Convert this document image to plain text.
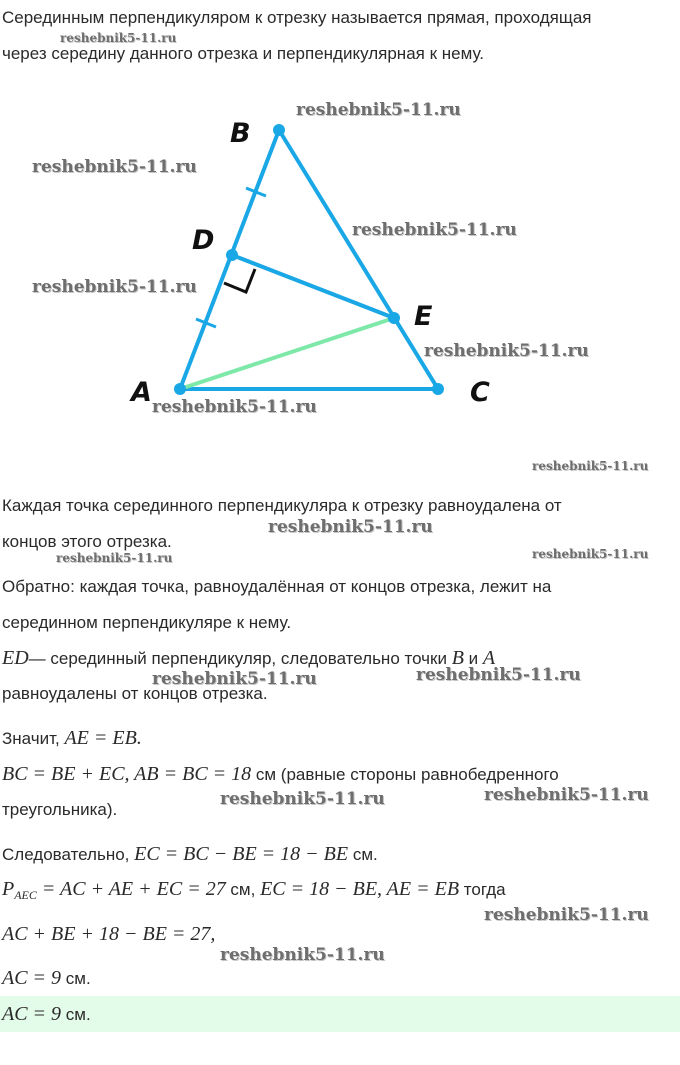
Серединным перпендикуляром к отрезку называется прямая, проходящая
через середину данного отрезка и перпендикулярная к нему.
B
D
E
A	C
Каждая точка серединного перпендикуляра к отрезку равноудалена от
концов этого отрезка.
Обратно: каждая точка, равноудалённая от концов отрезка, лежит на
серединном перпендикуляре к нему.
ED— серединный перпендикуляр, следовательно точки B и A
равноудалены от концов отрезка.
Значит, AE = EB.
BC = BE + EC, AB = BC = 18 см (равные стороны равнобедренного
треугольника).
Следовательно, EC = BC − BE = 18 − BE см.
$P_{AEC}$ = AC + AE + EC = 27 см, EC = 18 − BE, AE = EB тогда
AC + BE + 18 − BE = 27,
AC = 9 см.
AC = 9 см.
reshebnik5-11.ru
reshebnik5-11.ru
reshebnik5-11.ru
reshebnik5-11.ru
reshebnik5-11.ru
reshebnik5-11.ru
reshebnik5-11.ru
reshebnik5-11.ru
reshebnik5-11.ru
reshebnik5-11.ru	reshebnik5-11.ru
reshebnik5-11.ru	reshebnik5-11.ru
reshebnik5-11.ru	reshebnik5-11.ru
reshebnik5-11.ru
reshebnik5-11.ru
